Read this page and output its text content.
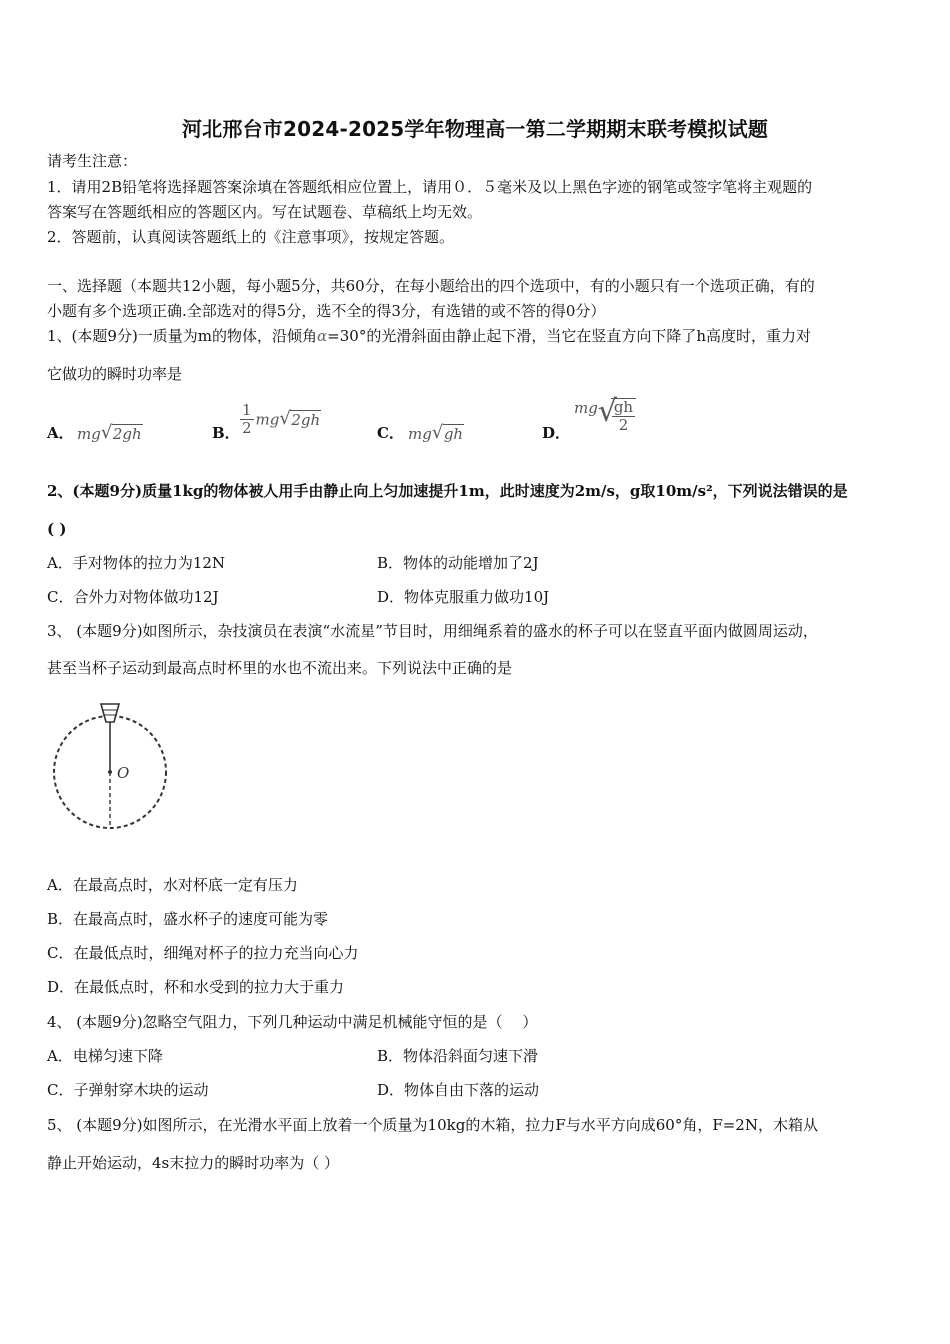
河北邢台市2024-2025学年物理高一第二学期期末联考模拟试题
请考生注意：
1．请用2B铅笔将选择题答案涂填在答题纸相应位置上，请用０．５毫米及以上黑色字迹的钢笔或签字笔将主观题的
答案写在答题纸相应的答题区内。写在试题卷、草稿纸上均无效。
2．答题前，认真阅读答题纸上的《注意事项》，按规定答题。
一、选择题（本题共12小题，每小题5分，共60分，在每小题给出的四个选项中，有的小题只有一个选项正确，有的
小题有多个选项正确.全部选对的得5分，选不全的得3分，有选错的或不答的得0分）
1、(本题9分)一质量为m的物体，沿倾角α=30°的光滑斜面由静止起下滑，当它在竖直方向下降了h高度时，重力对
它做功的瞬时功率是
A． mg √ 2gh	B． $\frac{1}{2}$ mg √ 2gh
C． mg √ gh	D．
mg √
$\frac{gh}{2}$
2、(本题9分)质量1kg的物体被人用手由静止向上匀加速提升1m，此时速度为2m/s，g取10m/s²，下列说法错误的是
( )
A．手对物体的拉力为12N	B．物体的动能增加了2J
C．合外力对物体做功12J	D．物体克服重力做功10J
3、 (本题9分)如图所示，杂技演员在表演“水流星”节目时，用细绳系着的盛水的杯子可以在竖直平面内做圆周运动，
甚至当杯子运动到最高点时杯里的水也不流出来。下列说法中正确的是
O
A．在最高点时，水对杯底一定有压力
B．在最高点时，盛水杯子的速度可能为零
C．在最低点时，细绳对杯子的拉力充当向心力
D．在最低点时，杯和水受到的拉力大于重力
4、 (本题9分)忽略空气阻力，下列几种运动中满足机械能守恒的是（　 ）
A．电梯匀速下降	B．物体沿斜面匀速下滑
C．子弹射穿木块的运动	D．物体自由下落的运动
5、 (本题9分)如图所示，在光滑水平面上放着一个质量为10kg的木箱，拉力F与水平方向成60°角，F=2N，木箱从
静止开始运动，4s末拉力的瞬时功率为（ ）
